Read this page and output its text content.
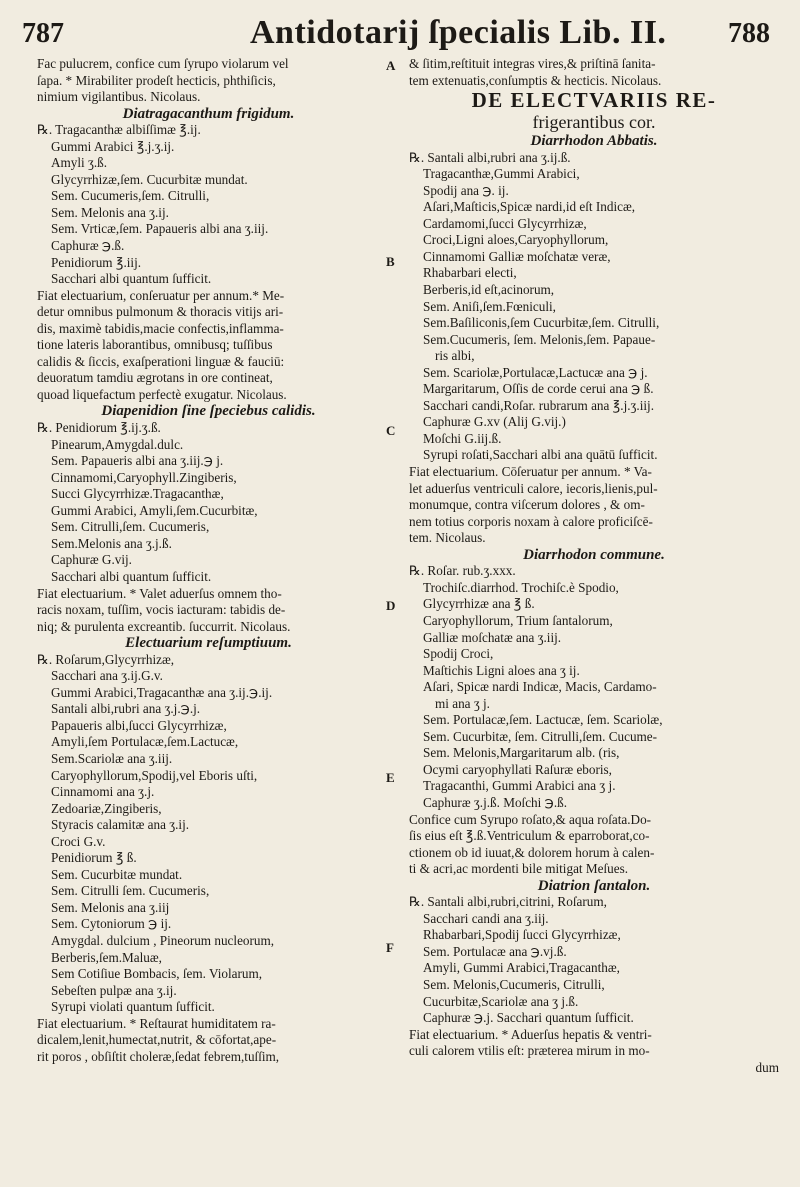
787	Antidotarij ſpecialis Lib. II. 788
A
B
C
D
E
F
Fac pulucrem, confice cum ſyrupo violarum vel
ſapa. * Mirabiliter prodeſt hecticis, phthiſicis,
nimium vigilantibus. Nicolaus.
Diatragacanthum frigidum.
℞. Tragacanthæ albiſſimæ ℥.ij.
Gummi Arabici ℥.j.ʒ.ij.
Amyli ʒ.ß.
Glycyrrhizæ,ſem. Cucurbitæ mundat.
Sem. Cucumeris,ſem. Citrulli,
Sem. Melonis ana ʒ.ij.
Sem. Vrticæ,ſem. Papaueris albi ana ʒ.iij.
Caphuræ ℈.ß.
Penidiorum ℥.iij.
Sacchari albi quantum ſufficit.
Fiat electuarium, conſeruatur per annum.* Me-
detur omnibus pulmonum & thoracis vitijs ari-
dis, maximè tabidis,macie confectis,inflamma-
tione lateris laborantibus, omnibusq; tuſſibus
calidis & ſiccis, exaſperationi linguæ & fauciū:
deuoratum tamdiu ægrotans in ore contineat,
quoad liquefactum perfectè exugatur. Nicolaus.
Diapenidion ſine ſpeciebus calidis.
℞. Penidiorum ℥.ij.ʒ.ß.
Pinearum,Amygdal.dulc.
Sem. Papaueris albi ana ʒ.iij.℈ j.
Cinnamomi,Caryophyll.Zingiberis,
Succi Glycyrrhizæ.Tragacanthæ,
Gummi Arabici, Amyli,ſem.Cucurbitæ,
Sem. Citrulli,ſem. Cucumeris,
Sem.Melonis ana ʒ.j.ß.
Caphuræ G.vij.
Sacchari albi quantum ſufficit.
Fiat electuarium. * Valet aduerſus omnem tho-
racis noxam, tuſſim, vocis iacturam: tabidis de-
niq; & purulenta excreantib. ſuccurrit. Nicolaus.
Electuarium reſumptiuum.
℞. Roſarum,Glycyrrhizæ,
Sacchari ana ʒ.ij.G.v.
Gummi Arabici,Tragacanthæ ana ʒ.ij.℈.ij.
Santali albi,rubri ana ʒ.j.℈.j.
Papaueris albi,ſucci Glycyrrhizæ,
Amyli,ſem Portulacæ,ſem.Lactucæ,
Sem.Scariolæ ana ʒ.iij.
Caryophyllorum,Spodij,vel Eboris uſti,
Cinnamomi ana ʒ.j.
Zedoariæ,Zingiberis,
Styracis calamitæ ana ʒ.ij.
Croci G.v.
Penidiorum ℥ ß.
Sem. Cucurbitæ mundat.
Sem. Citrulli ſem. Cucumeris,
Sem. Melonis ana ʒ.iij
Sem. Cytoniorum ℈ ij.
Amygdal. dulcium , Pineorum nucleorum,
Berberis,ſem.Maluæ,
Sem Cotiſiue Bombacis, ſem. Violarum,
Sebeſten pulpæ ana ʒ.ij.
Syrupi violati quantum ſufficit.
Fiat electuarium. * Reſtaurat humiditatem ra-
dicalem,lenit,humectat,nutrit, & cōfortat,ape-
rit poros , obſiſtit choleræ,ſedat febrem,tuſſim,
& ſitim,reſtituit integras vires,& priſtinā ſanita-
tem extenuatis,conſumptis & hecticis. Nicolaus.
DE ELECTVARIIS RE-
frigerantibus cor.
Diarrhodon Abbatis.
℞. Santali albi,rubri ana ʒ.ij.ß.
Tragacanthæ,Gummi Arabici,
Spodij ana ℈. ij.
Aſari,Maſticis,Spicæ nardi,id eſt Indicæ,
Cardamomi,ſucci Glycyrrhizæ,
Croci,Ligni aloes,Caryophyllorum,
Cinnamomi Galliæ moſchatæ veræ,
Rhabarbari electi,
Berberis,id eſt,acinorum,
Sem. Aniſi,ſem.Fœniculi,
Sem.Baſiliconis,ſem Cucurbitæ,ſem. Citrulli,
Sem.Cucumeris, ſem. Melonis,ſem. Papaue-
ris albi,
Sem. Scariolæ,Portulacæ,Lactucæ ana ℈ j.
Margaritarum, Oſſis de corde cerui ana ℈ ß.
Sacchari candi,Roſar. rubrarum ana ℥.j.ʒ.iij.
Caphuræ G.xv (Alij G.vij.)
Moſchi G.iij.ß.
Syrupi roſati,Sacchari albi ana quātū ſufficit.
Fiat electuarium. Cōſeruatur per annum. * Va-
let aduerſus ventriculi calore, iecoris,lienis,pul-
monumque, contra viſcerum dolores , & om-
nem totius corporis noxam à calore proficiſcē-
tem. Nicolaus.
Diarrhodon commune.
℞. Roſar. rub.ʒ.xxx.
Trochiſc.diarrhod. Trochiſc.è Spodio,
Glycyrrhizæ ana ℥ ß.
Caryophyllorum, Trium ſantalorum,
Galliæ moſchatæ ana ʒ.iij.
Spodij Croci,
Maſtichis Ligni aloes ana ʒ ij.
Aſari, Spicæ nardi Indicæ, Macis, Cardamo-
mi ana ʒ j.
Sem. Portulacæ,ſem. Lactucæ, ſem. Scariolæ,
Sem. Cucurbitæ, ſem. Citrulli,ſem. Cucume-
Sem. Melonis,Margaritarum alb. (ris,
Ocymi caryophyllati Raſuræ eboris,
Tragacanthi, Gummi Arabici ana ʒ j.
Caphuræ ʒ.j.ß. Moſchi ℈.ß.
Confice cum Syrupo roſato,& aqua roſata.Do-
ſis eius eſt ℥.ß.Ventriculum & eparroborat,co-
ctionem ob id iuuat,& dolorem horum à calen-
ti & acri,ac mordenti bile mitigat Meſues.
Diatrion ſantalon.
℞. Santali albi,rubri,citrini, Roſarum,
Sacchari candi ana ʒ.iij.
Rhabarbari,Spodij ſucci Glycyrrhizæ,
Sem. Portulacæ ana ℈.vj.ß.
Amyli, Gummi Arabici,Tragacanthæ,
Sem. Melonis,Cucumeris, Citrulli,
Cucurbitæ,Scariolæ ana ʒ j.ß.
Caphuræ ℈.j. Sacchari quantum ſufficit.
Fiat electuarium. * Aduerſus hepatis & ventri-
culi calorem vtilis eſt: præterea mirum in mo-
dum
